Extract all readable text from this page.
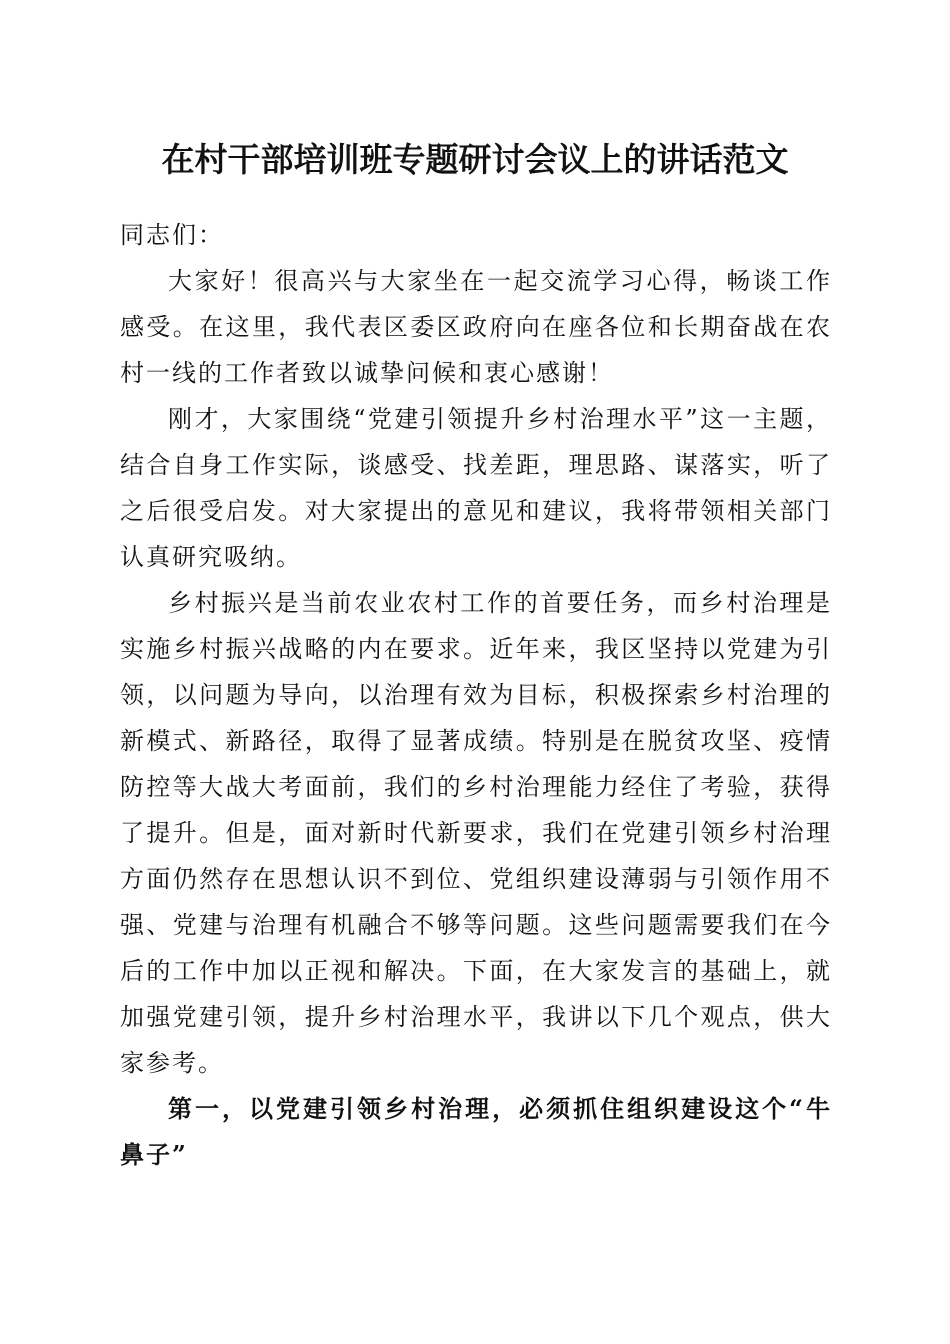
在村干部培训班专题研讨会议上的讲话范文

同志们：

大家好！很高兴与大家坐在一起交流学习心得，畅谈工作感受。在这里，我代表区委区政府向在座各位和长期奋战在农村一线的工作者致以诚挚问候和衷心感谢！

刚才，大家围绕“党建引领提升乡村治理水平”这一主题，结合自身工作实际，谈感受、找差距，理思路、谋落实，听了之后很受启发。对大家提出的意见和建议，我将带领相关部门认真研究吸纳。

乡村振兴是当前农业农村工作的首要任务，而乡村治理是实施乡村振兴战略的内在要求。近年来，我区坚持以党建为引领，以问题为导向，以治理有效为目标，积极探索乡村治理的新模式、新路径，取得了显著成绩。特别是在脱贫攻坚、疫情防控等大战大考面前，我们的乡村治理能力经住了考验，获得了提升。但是，面对新时代新要求，我们在党建引领乡村治理方面仍然存在思想认识不到位、党组织建设薄弱与引领作用不强、党建与治理有机融合不够等问题。这些问题需要我们在今后的工作中加以正视和解决。下面，在大家发言的基础上，就加强党建引领，提升乡村治理水平，我讲以下几个观点，供大家参考。

第一，以党建引领乡村治理，必须抓住组织建设这个“牛鼻子”
